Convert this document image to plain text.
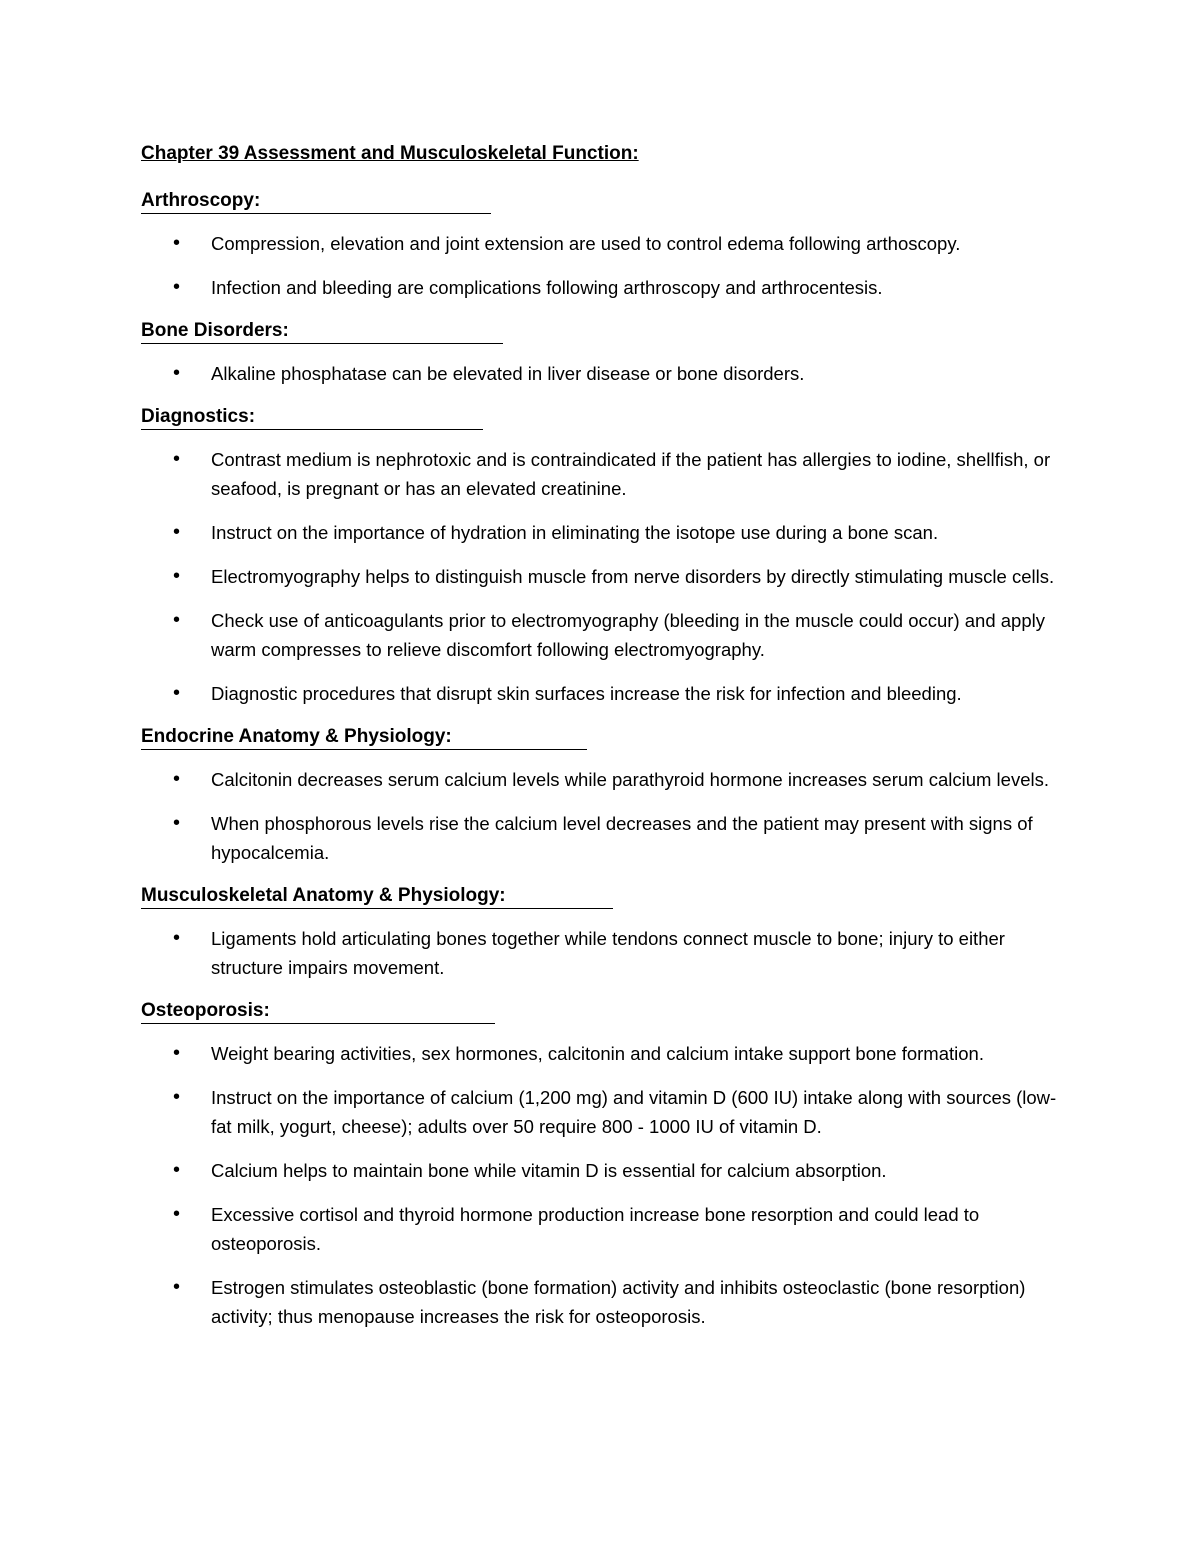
Chapter 39 Assessment and Musculoskeletal Function:
Arthroscopy:
• Compression, elevation and joint extension are used to control edema following arthoscopy.
• Infection and bleeding are complications following arthroscopy and arthrocentesis.
Bone Disorders:
• Alkaline phosphatase can be elevated in liver disease or bone disorders.
Diagnostics:
• Contrast medium is nephrotoxic and is contraindicated if the patient has allergies to iodine, shellfish, or seafood, is pregnant or has an elevated creatinine.
• Instruct on the importance of hydration in eliminating the isotope use during a bone scan.
• Electromyography helps to distinguish muscle from nerve disorders by directly stimulating muscle cells.
• Check use of anticoagulants prior to electromyography (bleeding in the muscle could occur) and apply warm compresses to relieve discomfort following electromyography.
• Diagnostic procedures that disrupt skin surfaces increase the risk for infection and bleeding.
Endocrine Anatomy & Physiology:
• Calcitonin decreases serum calcium levels while parathyroid hormone increases serum calcium levels.
• When phosphorous levels rise the calcium level decreases and the patient may present with signs of hypocalcemia.
Musculoskeletal Anatomy & Physiology:
• Ligaments hold articulating bones together while tendons connect muscle to bone; injury to either structure impairs movement.
Osteoporosis:
• Weight bearing activities, sex hormones, calcitonin and calcium intake support bone formation.
• Instruct on the importance of calcium (1,200 mg) and vitamin D (600 IU) intake along with sources (low-fat milk, yogurt, cheese); adults over 50 require 800 - 1000 IU of vitamin D.
• Calcium helps to maintain bone while vitamin D is essential for calcium absorption.
• Excessive cortisol and thyroid hormone production increase bone resorption and could lead to osteoporosis.
• Estrogen stimulates osteoblastic (bone formation) activity and inhibits osteoclastic (bone resorption) activity; thus menopause increases the risk for osteoporosis.
